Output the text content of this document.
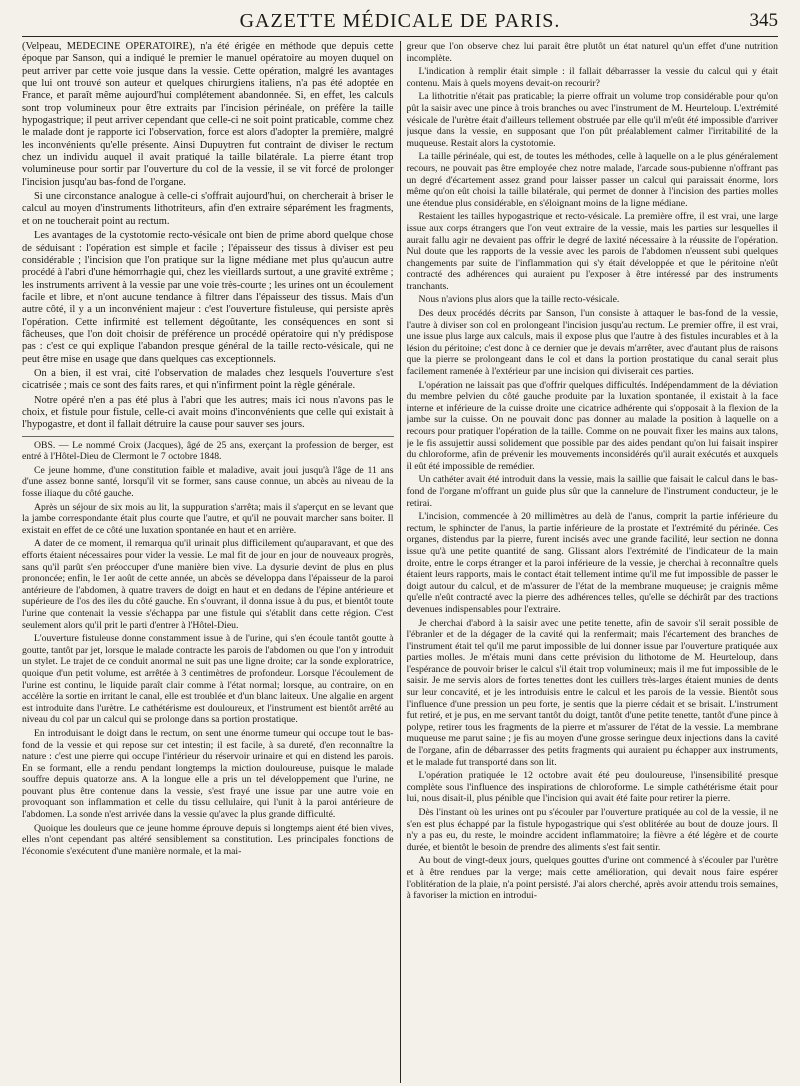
GAZETTE MÉDICALE DE PARIS.	345

(Velpeau, MÉDECINE OPÉRATOIRE), n'a été érigée en méthode que depuis cette époque par Sanson, qui a indiqué le premier le manuel opératoire au moyen duquel on peut arriver par cette voie jusque dans la vessie. Cette opération, malgré les avantages que lui ont trouvé son auteur et quelques chirurgiens italiens, n'a pas été adoptée en France, et paraît même aujourd'hui complétement abandonnée. Si, en effet, les calculs sont trop volumineux pour être extraits par l'incision périnéale, on préfère la taille hypogastrique; il peut arriver cependant que celle-ci ne soit point praticable, comme chez le malade dont je rapporte ici l'observation, force est alors d'adopter la première, malgré les inconvénients qu'elle présente. Ainsi Dupuytren fut contraint de diviser le rectum chez un individu auquel il avait pratiqué la taille bilatérale. La pierre étant trop volumineuse pour sortir par l'ouverture du col de la vessie, il se vit forcé de prolonger l'incision jusqu'au bas-fond de l'organe.

Si une circonstance analogue à celle-ci s'offrait aujourd'hui, on chercherait à briser le calcul au moyen d'instruments lithotriteurs, afin d'en extraire séparément les fragments, et on ne toucherait point au rectum.

Les avantages de la cystotomie recto-vésicale ont bien de prime abord quelque chose de séduisant : l'opération est simple et facile ; l'épaisseur des tissus à diviser est peu considérable ; l'incision que l'on pratique sur la ligne médiane met plus qu'aucun autre procédé à l'abri d'une hémorrhagie qui, chez les vieillards surtout, a une gravité extrême ; les instruments arrivent à la vessie par une voie très-courte ; les urines ont un écoulement facile et libre, et n'ont aucune tendance à filtrer dans l'épaisseur des tissus. Mais d'un autre côté, il y a un inconvénient majeur : c'est l'ouverture fistuleuse, qui persiste après l'opération. Cette infirmité est tellement dégoûtante, les conséquences en sont si fâcheuses, que l'on doit choisir de préférence un procédé opératoire qui n'y prédispose pas : c'est ce qui explique l'abandon presque général de la taille recto-vésicale, qui ne peut être mise en usage que dans quelques cas exceptionnels.

On a bien, il est vrai, cité l'observation de malades chez lesquels l'ouverture s'est cicatrisée ; mais ce sont des faits rares, et qui n'infirment point la règle générale.

Notre opéré n'en a pas été plus à l'abri que les autres; mais ici nous n'avons pas le choix, et fistule pour fistule, celle-ci avait moins d'inconvénients que celle qui existait à l'hypogastre, et dont il fallait détruire la cause pour sauver ses jours.

OBS. — Le nommé Croix (Jacques), âgé de 25 ans, exerçant la profession de berger, est entré à l'Hôtel-Dieu de Clermont le 7 octobre 1848.

Ce jeune homme, d'une constitution faible et maladive, avait joui jusqu'à l'âge de 11 ans d'une assez bonne santé, lorsqu'il vit se former, sans cause connue, un abcès au niveau de la fosse iliaque du côté gauche.

Après un séjour de six mois au lit, la suppuration s'arrêta; mais il s'aperçut en se levant que la jambe correspondante était plus courte que l'autre, et qu'il ne pouvait marcher sans boiter. Il existait en effet de ce côté une luxation spontanée en haut et en arrière.

A dater de ce moment, il remarqua qu'il urinait plus difficilement qu'auparavant, et que des efforts étaient nécessaires pour vider la vessie. Le mal fit de jour en jour de nouveaux progrès, sans qu'il parût s'en préoccuper d'une manière bien vive. La dysurie devint de plus en plus prononcée; enfin, le 1er août de cette année, un abcès se développa dans l'épaisseur de la paroi antérieure de l'abdomen, à quatre travers de doigt en haut et en dedans de l'épine antérieure et supérieure de l'os des iles du côté gauche. En s'ouvrant, il donna issue à du pus, et bientôt toute l'urine que contenait la vessie s'échappa par une fistule qui s'établit dans cette région. C'est seulement alors qu'il prit le parti d'entrer à l'Hôtel-Dieu.

L'ouverture fistuleuse donne constamment issue à de l'urine, qui s'en écoule tantôt goutte à goutte, tantôt par jet, lorsque le malade contracte les parois de l'abdomen ou que l'on y introduit un stylet. Le trajet de ce conduit anormal ne suit pas une ligne droite; car la sonde exploratrice, quoique d'un petit volume, est arrêtée à 3 centimètres de profondeur. Lorsque l'écoulement de l'urine est continu, le liquide paraît clair comme à l'état normal; lorsque, au contraire, on en accélère la sortie en irritant le canal, elle est troublée et d'un blanc laiteux. Une algalie en argent est introduite dans l'urètre. Le cathétérisme est douloureux, et l'instrument est bientôt arrêté au niveau du col par un calcul qui se prolonge dans sa portion prostatique.

En introduisant le doigt dans le rectum, on sent une énorme tumeur qui occupe tout le bas-fond de la vessie et qui repose sur cet intestin; il est facile, à sa dureté, d'en reconnaître la nature : c'est une pierre qui occupe l'intérieur du réservoir urinaire et qui en distend les parois. En se formant, elle a rendu pendant longtemps la miction douloureuse, puisque le malade souffre depuis quatorze ans. A la longue elle a pris un tel développement que l'urine, ne pouvant plus être contenue dans la vessie, s'est frayé une issue par une autre voie en provoquant son inflammation et celle du tissu cellulaire, qui l'unit à la paroi antérieure de l'abdomen. La sonde n'est arrivée dans la vessie qu'avec la plus grande difficulté.

Quoique les douleurs que ce jeune homme éprouve depuis si longtemps aient été bien vives, elles n'ont cependant pas altéré sensiblement sa constitution. Les principales fonctions de l'économie s'exécutent d'une manière normale, et la mai-

greur que l'on observe chez lui parait être plutôt un état naturel qu'un effet d'une nutrition incomplète.

L'indication à remplir était simple : il fallait débarrasser la vessie du calcul qui y était contenu. Mais à quels moyens devait-on recourir?

La lithotritie n'était pas praticable; la pierre offrait un volume trop considérable pour qu'on pût la saisir avec une pince à trois branches ou avec l'instrument de M. Heurteloup. L'extrémité vésicale de l'urètre était d'ailleurs tellement obstruée par elle qu'il m'eût été impossible d'arriver jusque dans la vessie, en supposant que l'on pût préalablement calmer l'irritabilité de la muqueuse. Restait alors la cystotomie.

La taille périnéale, qui est, de toutes les méthodes, celle à laquelle on a le plus généralement recours, ne pouvait pas être employée chez notre malade, l'arcade sous-pubienne n'offrant pas un degré d'écartement assez grand pour laisser passer un calcul qui paraissait énorme, lors même qu'on eût choisi la taille bilatérale, qui permet de donner à l'incision des parties molles une étendue plus considérable, en s'éloignant moins de la ligne médiane.

Restaient les tailles hypogastrique et recto-vésicale. La première offre, il est vrai, une large issue aux corps étrangers que l'on veut extraire de la vessie, mais les parties sur lesquelles il aurait fallu agir ne devaient pas offrir le degré de laxité nécessaire à la réussite de l'opération. Nul doute que les rapports de la vessie avec les parois de l'abdomen n'eussent subi quelques changements par suite de l'inflammation qui s'y était développée et que le péritoine n'eût contracté des adhérences qui auraient pu l'exposer à être intéressé par des instruments tranchants.

Nous n'avions plus alors que la taille recto-vésicale.

Des deux procédés décrits par Sanson, l'un consiste à attaquer le bas-fond de la vessie, l'autre à diviser son col en prolongeant l'incision jusqu'au rectum. Le premier offre, il est vrai, une issue plus large aux calculs, mais il expose plus que l'autre à des fistules incurables et à la lésion du péritoine; c'est donc à ce dernier que je devais m'arrêter, avec d'autant plus de raisons que la pierre se prolongeant dans le col et dans la portion prostatique du canal serait plus facilement ramenée à l'extérieur par une incision qui diviserait ces parties.

L'opération ne laissait pas que d'offrir quelques difficultés. Indépendamment de la déviation du membre pelvien du côté gauche produite par la luxation spontanée, il existait à la face interne et inférieure de la cuisse droite une cicatrice adhérente qui s'opposait à la flexion de la jambe sur la cuisse. On ne pouvait donc pas donner au malade la position à laquelle on a recours pour pratiquer l'opération de la taille. Comme on ne pouvait fixer les mains aux talons, je le fis assujettir aussi solidement que possible par des aides pendant qu'on lui faisait inspirer du chloroforme, afin de prévenir les mouvements inconsidérés qu'il aurait exécutés et auxquels il eût été impossible de remédier.

Un cathéter avait été introduit dans la vessie, mais la saillie que faisait le calcul dans le bas-fond de l'organe m'offrant un guide plus sûr que la cannelure de l'instrument conducteur, je le retirai.

L'incision, commencée à 20 millimètres au delà de l'anus, comprit la partie inférieure du rectum, le sphincter de l'anus, la partie inférieure de la prostate et l'extrémité du périnée. Ces organes, distendus par la pierre, furent incisés avec une grande facilité, leur section ne donna issue qu'à une petite quantité de sang. Glissant alors l'extrémité de l'indicateur de la main droite, entre le corps étranger et la paroi inférieure de la vessie, je cherchai à reconnaître quels étaient leurs rapports, mais le contact était tellement intime qu'il me fut impossible de passer le doigt autour du calcul, et de m'assurer de l'état de la membrane muqueuse; je craignis même qu'elle n'eût contracté avec la pierre des adhérences telles, qu'elle se déchirât par des tractions devenues indispensables pour l'extraire.

Je cherchai d'abord à la saisir avec une petite tenette, afin de savoir s'il serait possible de l'ébranler et de la dégager de la cavité qui la renfermait; mais l'écartement des branches de l'instrument était tel qu'il me parut impossible de lui donner issue par l'ouverture pratiquée aux parties molles. Je m'étais muni dans cette prévision du lithotome de M. Heurteloup, dans l'espérance de pouvoir briser le calcul s'il était trop volumineux; mais il me fut impossible de le saisir. Je me servis alors de fortes tenettes dont les cuillers très-larges étaient munies de dents sur leur concavité, et je les introduisis entre le calcul et les parois de la vessie. Bientôt sous l'influence d'une pression un peu forte, je sentis que la pierre cédait et se brisait. L'instrument fut retiré, et je pus, en me servant tantôt du doigt, tantôt d'une petite tenette, tantôt d'une pince à polype, retirer tous les fragments de la pierre et m'assurer de l'état de la vessie. La membrane muqueuse me parut saine ; je fis au moyen d'une grosse seringue deux injections dans la cavité de l'organe, afin de débarrasser des petits fragments qui auraient pu échapper aux instruments, et le malade fut transporté dans son lit.

L'opération pratiquée le 12 octobre avait été peu douloureuse, l'insensibilité presque complète sous l'influence des inspirations de chloroforme. Le simple cathétérisme était pour lui, nous disait-il, plus pénible que l'incision qui avait été faite pour retirer la pierre.

Dès l'instant où les urines ont pu s'écouler par l'ouverture pratiquée au col de la vessie, il ne s'en est plus échappé par la fistule hypogastrique qui s'est oblitérée au bout de douze jours. Il n'y a pas eu, du reste, le moindre accident inflammatoire; la fièvre a été légère et de courte durée, et bientôt le besoin de prendre des aliments s'est fait sentir.

Au bout de vingt-deux jours, quelques gouttes d'urine ont commencé à s'écouler par l'urètre et à être rendues par la verge; mais cette amélioration, qui devait nous faire espérer l'oblitération de la plaie, n'a point persisté. J'ai alors cherché, après avoir attendu trois semaines, à favoriser la miction en introdui-
